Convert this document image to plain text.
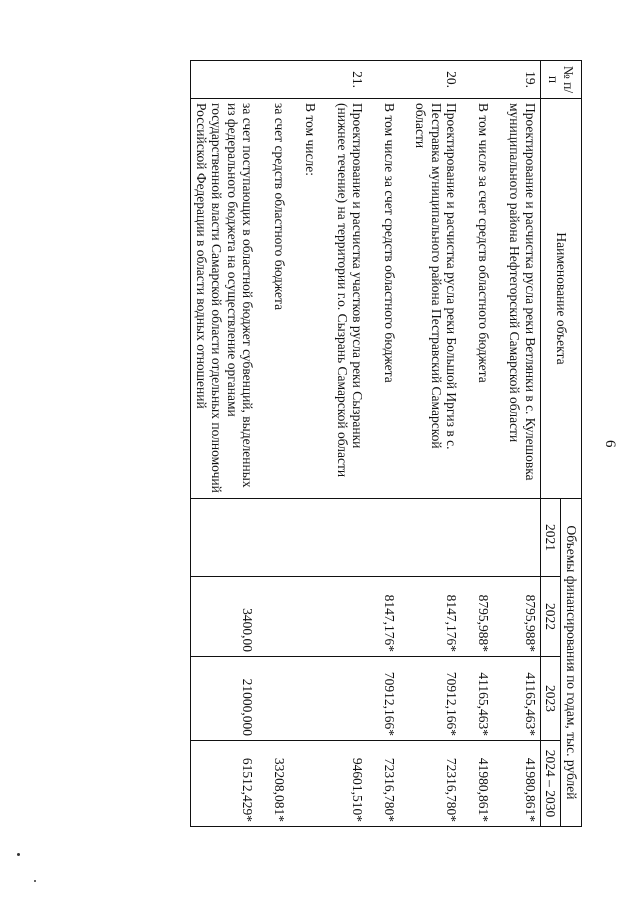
6
№ п/п	Наименование объекта	Объемы финансирования по годам, тыс. рублей			
		2021	2022	2023	2024 – 2030
19.	Проектирование и расчистка русла реки Ветлянки в с. Кулешовка муниципального района Нефтегорский Самарской области		8795,988*	41165,463*	41980,861*
	В том числе за счет средств областного бюджета		8795,988*	41165,463*	41980,861*
20.	Проектирование и расчистка русла реки Большой Иргиз в с. Пестравка муниципального района Пестравский Самарской области		8147,176*	70912,166*	72316,780*
	В том числе за счет средств областного бюджета		8147,176*	70912,166*	72316,780*
21.	Проектирование и расчистка участков русла реки Сызранки (нижнее течение) на территории г.о. Сызрань Самарской области				94601,510*
	В том числе:				
	за счет средств областного бюджета				33208,081*
	за счет поступающих в областной бюджет субвенций, выделенных из федерального бюджета на осуществление органами государственной власти Самарской области отдельных полномочий Российской Федерации в области водных отношений		3400,00	21000,000	61512,429*
